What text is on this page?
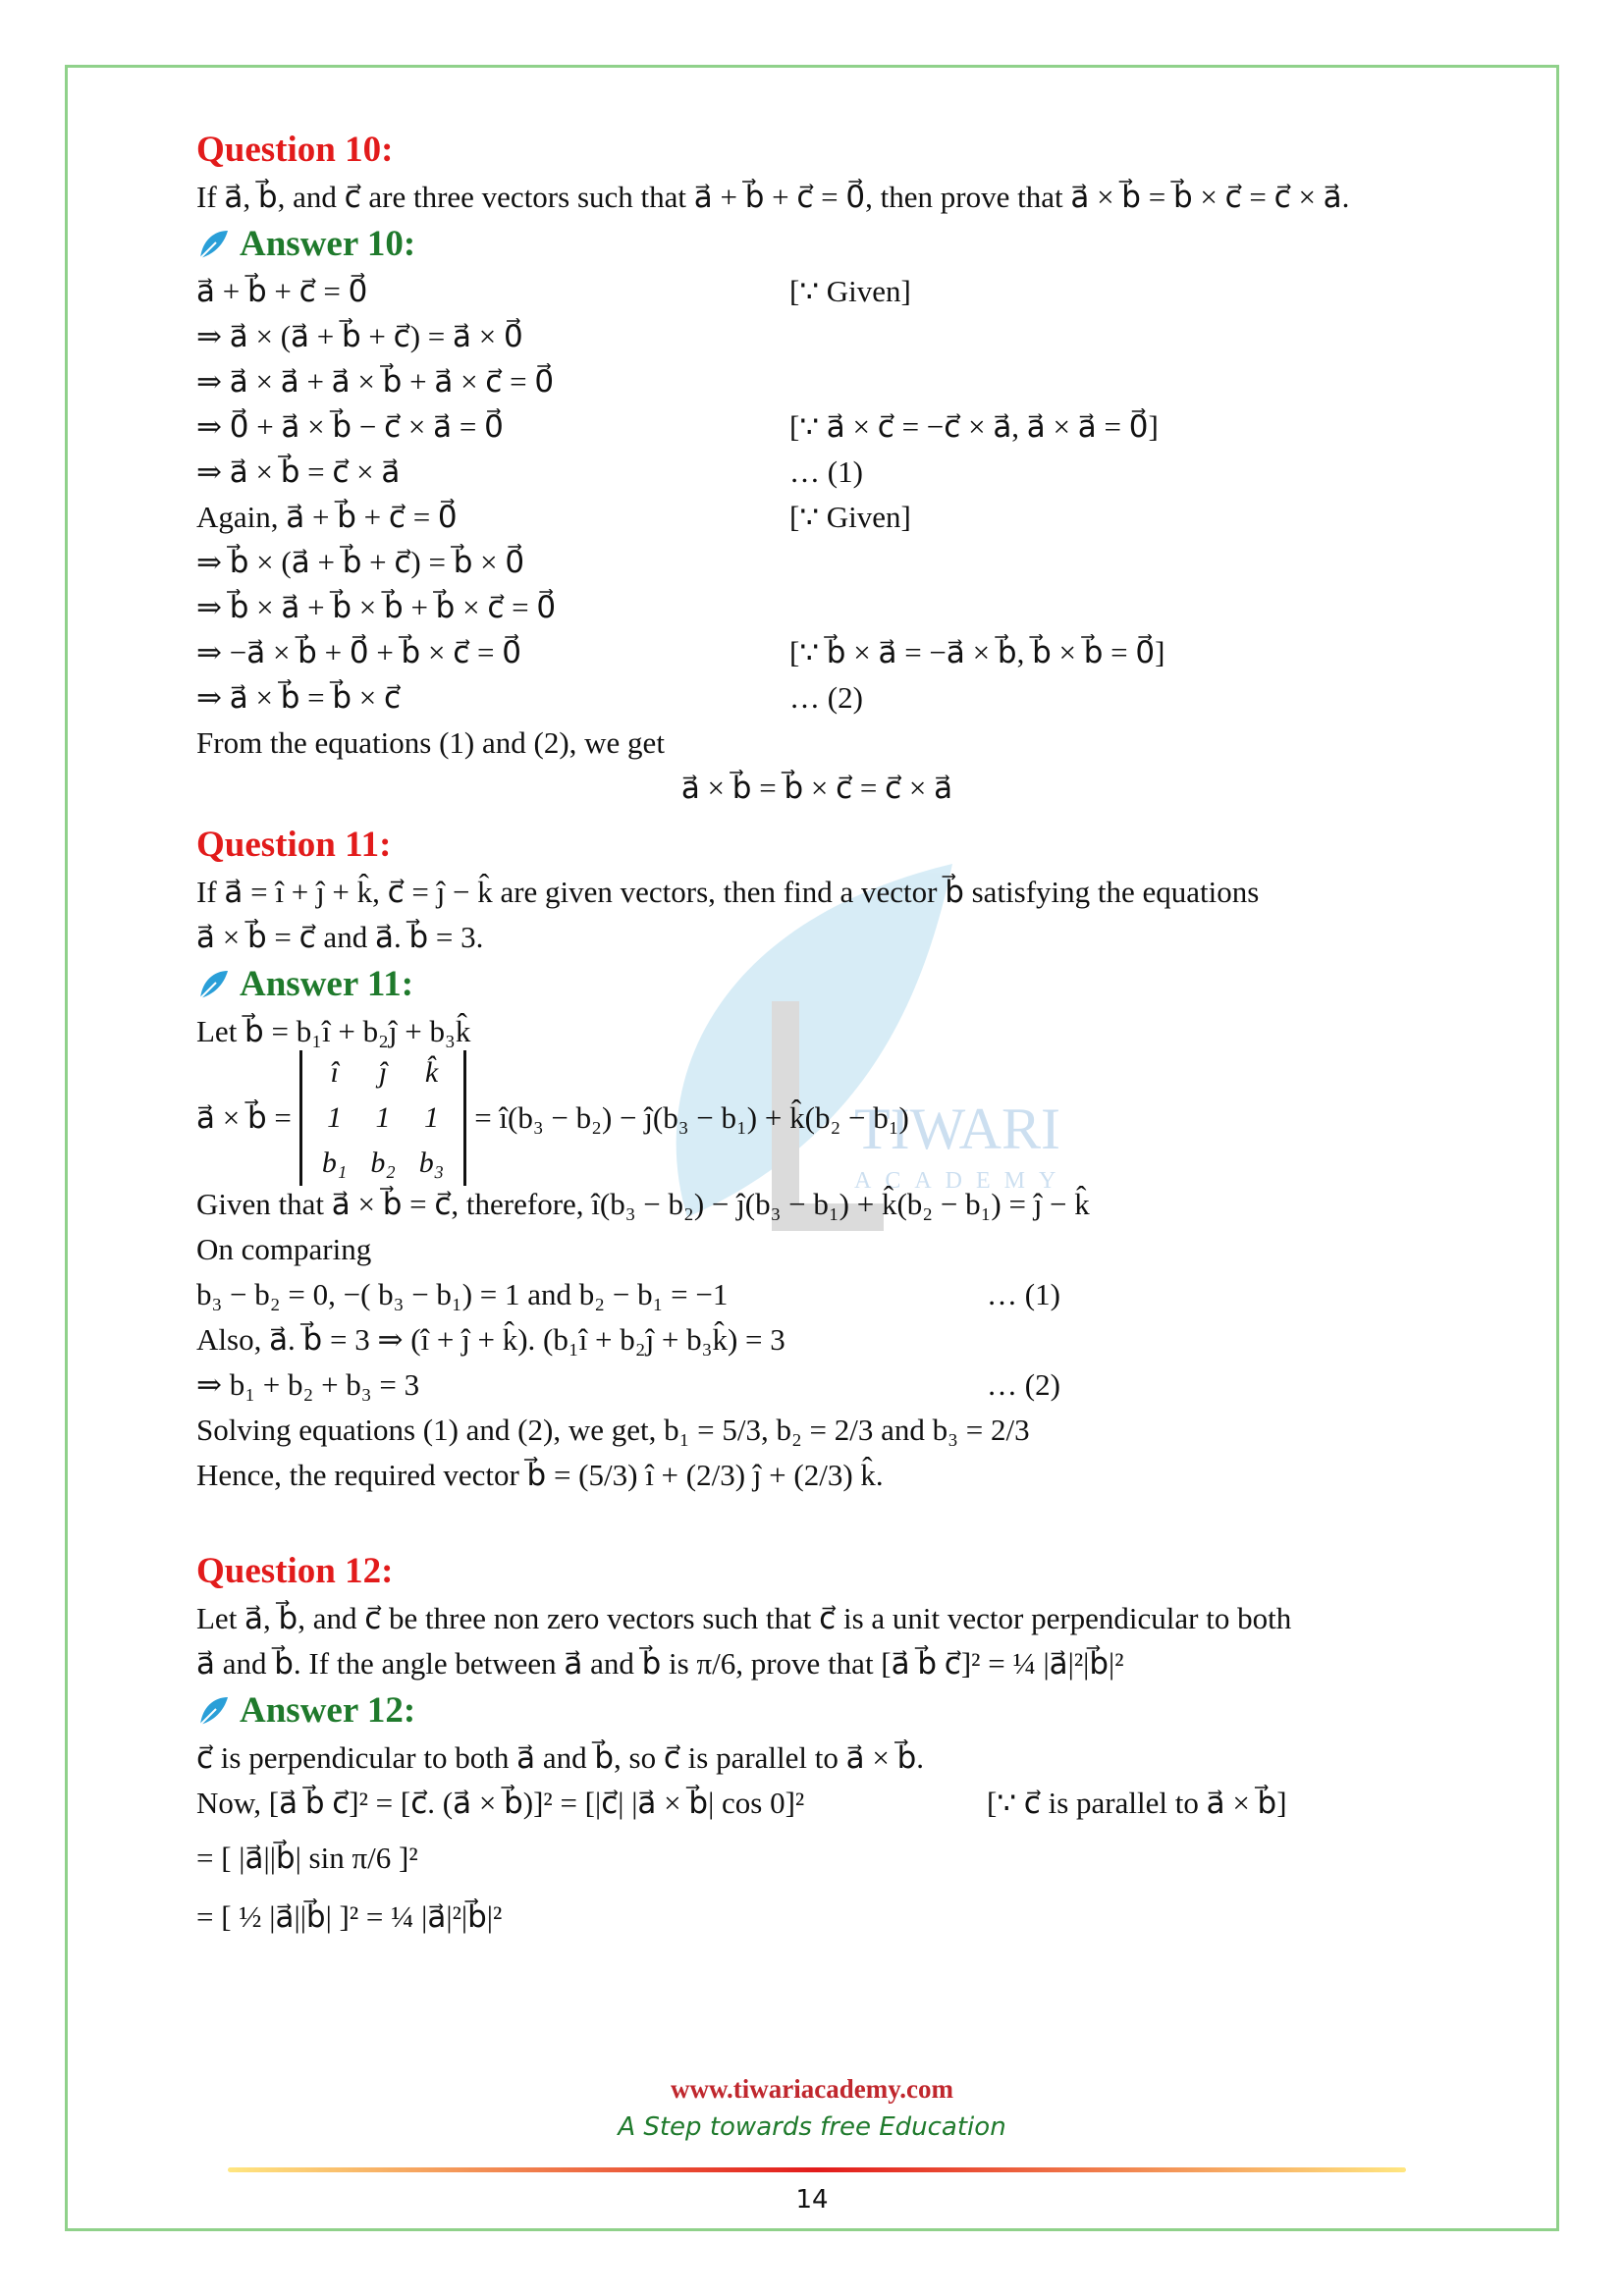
TIWARI
ACADEMY
Question 10:
If a⃗, b⃗, and c⃗ are three vectors such that a⃗ + b⃗ + c⃗ = 0⃗, then prove that a⃗ × b⃗ = b⃗ × c⃗ = c⃗ × a⃗.
Answer 10:
a⃗ + b⃗ + c⃗ = 0⃗	[∵ Given]
⇒ a⃗ × (a⃗ + b⃗ + c⃗) = a⃗ × 0⃗
⇒ a⃗ × a⃗ + a⃗ × b⃗ + a⃗ × c⃗ = 0⃗
⇒ 0⃗ + a⃗ × b⃗ − c⃗ × a⃗ = 0⃗	[∵ a⃗ × c⃗ = −c⃗ × a⃗, a⃗ × a⃗ = 0⃗]
⇒ a⃗ × b⃗ = c⃗ × a⃗	… (1)
Again, a⃗ + b⃗ + c⃗ = 0⃗	[∵ Given]
⇒ b⃗ × (a⃗ + b⃗ + c⃗) = b⃗ × 0⃗
⇒ b⃗ × a⃗ + b⃗ × b⃗ + b⃗ × c⃗ = 0⃗
⇒ −a⃗ × b⃗ + 0⃗ + b⃗ × c⃗ = 0⃗	[∵ b⃗ × a⃗ = −a⃗ × b⃗, b⃗ × b⃗ = 0⃗]
⇒ a⃗ × b⃗ = b⃗ × c⃗	… (2)
From the equations (1) and (2), we get
a⃗ × b⃗ = b⃗ × c⃗ = c⃗ × a⃗
Question 11:
If a⃗ = î + ĵ + k̂, c⃗ = ĵ − k̂ are given vectors, then find a vector b⃗ satisfying the equations
a⃗ × b⃗ = c⃗ and a⃗. b⃗ = 3.
Answer 11:
Let b⃗ = b₁î + b₂ĵ + b₃k̂
a⃗ × b⃗ =
î	ĵ	k̂
1	1	1
b₁	b₂	b₃
= î(b₃ − b₂) − ĵ(b₃ − b₁) + k̂(b₂ − b₁)
Given that a⃗ × b⃗ = c⃗, therefore, î(b₃ − b₂) − ĵ(b₃ − b₁) + k̂(b₂ − b₁) = ĵ − k̂
On comparing
b₃ − b₂ = 0, −( b₃ − b₁) = 1 and b₂ − b₁ = −1	… (1)
Also, a⃗. b⃗ = 3 ⇒ (î + ĵ + k̂). (b₁î + b₂ĵ + b₃k̂) = 3
⇒ b₁ + b₂ + b₃ = 3	… (2)
Solving equations (1) and (2), we get, b₁ = 5/3, b₂ = 2/3 and b₃ = 2/3
Hence, the required vector b⃗ = (5/3) î + (2/3) ĵ + (2/3) k̂.
Question 12:
Let a⃗, b⃗, and c⃗ be three non zero vectors such that c⃗ is a unit vector perpendicular to both
a⃗ and b⃗. If the angle between a⃗ and b⃗ is π/6, prove that [a⃗ b⃗ c⃗]² = ¼ |a⃗|²|b⃗|²
Answer 12:
c⃗ is perpendicular to both a⃗ and b⃗, so c⃗ is parallel to a⃗ × b⃗.
Now, [a⃗ b⃗ c⃗]² = [c⃗. (a⃗ × b⃗)]² = [|c⃗| |a⃗ × b⃗| cos 0]²	[∵ c⃗ is parallel to a⃗ × b⃗]
= [ |a⃗||b⃗| sin π/6 ]²
= [ ½ |a⃗||b⃗| ]² = ¼ |a⃗|²|b⃗|²
www.tiwariacademy.com
A Step towards free Education
14
